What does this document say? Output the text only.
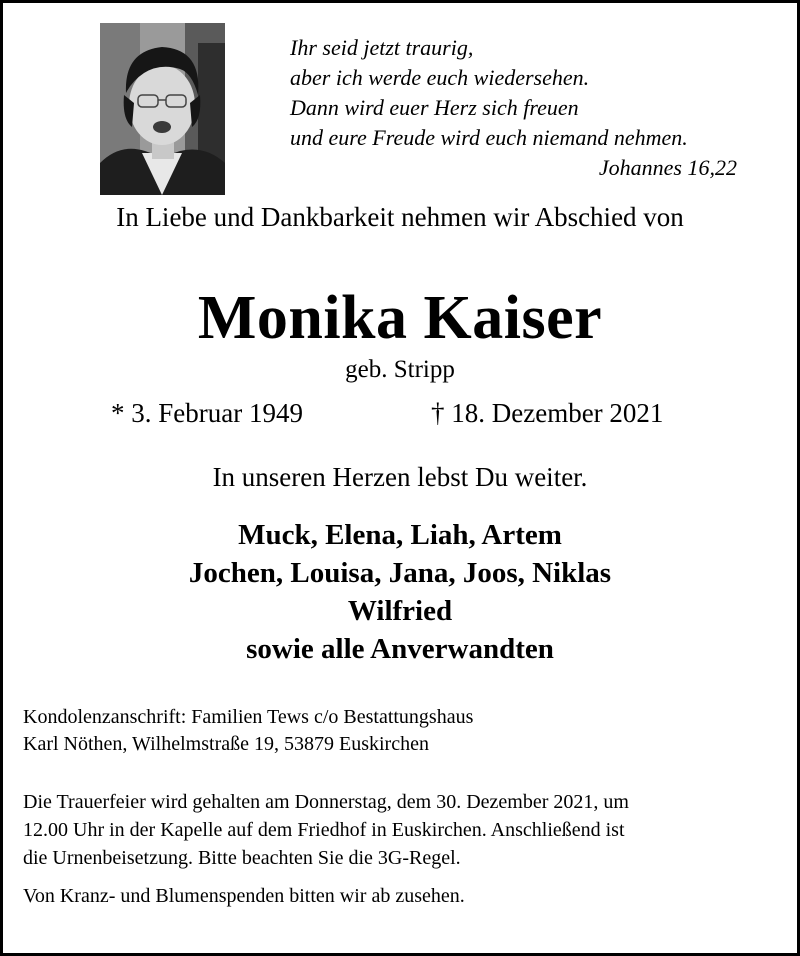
Ihr seid jetzt traurig,
aber ich werde euch wiedersehen.
Dann wird euer Herz sich freuen
und eure Freude wird euch niemand nehmen.
Johannes 16,22
In Liebe und Dankbarkeit nehmen wir Abschied von
Monika Kaiser
geb. Stripp
* 3. Februar 1949	† 18. Dezember 2021
In unseren Herzen lebst Du weiter.
Muck, Elena, Liah, Artem
Jochen, Louisa, Jana, Joos, Niklas
Wilfried
sowie alle Anverwandten
Kondolenzanschrift: Familien Tews c/o Bestattungshaus
Karl Nöthen, Wilhelmstraße 19, 53879 Euskirchen
Die Trauerfeier wird gehalten am Donnerstag, dem 30. Dezember 2021, um
12.00 Uhr in der Kapelle auf dem Friedhof in Euskirchen. Anschließend ist
die Urnenbeisetzung. Bitte beachten Sie die 3G-Regel.
Von Kranz- und Blumenspenden bitten wir ab zusehen.
